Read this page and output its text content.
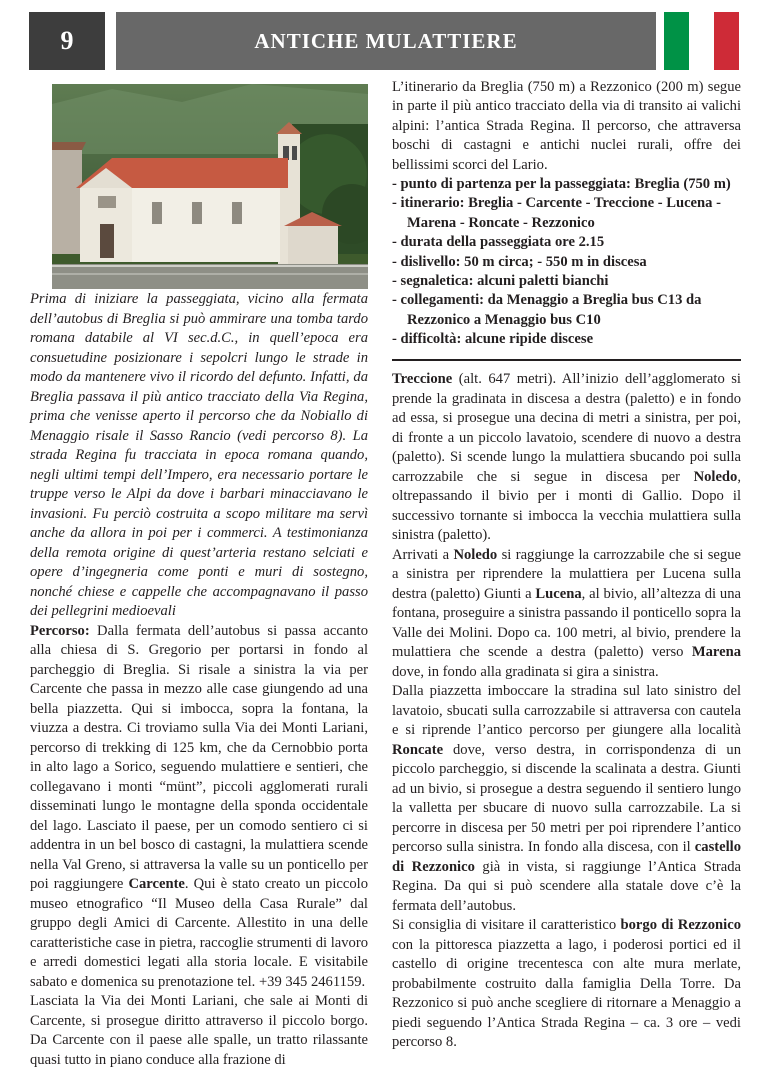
9	ANTICHE MULATTIERE

Prima di iniziare la passeggiata, vicino alla fermata dell’autobus di Breglia si può ammirare una tomba tardo romana databile al VI sec.d.C., in quell’epoca era consuetudine posizionare i sepolcri lungo le strade in modo da mantenere vivo il ricordo del defunto. Infatti, da Breglia passava il più antico tracciato della Via Regina, prima che venisse aperto il percorso che da Nobiallo di Menaggio risale il Sasso Rancio (vedi percorso 8). La strada Regina fu tracciata in epoca romana quando, negli ultimi tempi dell’Impero, era necessario portare le truppe verso le Alpi da dove i barbari minacciavano le invasioni. Fu perciò costruita a scopo militare ma servì anche da allora in poi per i commerci. A testimonianza della remota origine di quest’arteria restano selciati e opere d’ingegneria come ponti e muri di sostegno, nonché chiese e cappelle che accompagnavano il passo dei pellegrini medioevali

Percorso: Dalla fermata dell’autobus si passa accanto alla chiesa di S. Gregorio per portarsi in fondo al parcheggio di Breglia. Si risale a sinistra la via per Carcente che passa in mezzo alle case giungendo ad una bella piazzetta. Qui si imbocca, sopra la fontana, la viuzza a destra. Ci troviamo sulla Via dei Monti Lariani, percorso di trekking di 125 km, che da Cernobbio porta in alto lago a Sorico, seguendo mulattiere e sentieri, che collegavano i monti “münt”, piccoli agglomerati rurali disseminati lungo le montagne della sponda occidentale del lago. Lasciato il paese, per un comodo sentiero ci si addentra in un bel bosco di castagni, la mulattiera scende nella Val Greno, si attraversa la valle su un ponticello per poi raggiungere Carcente. Qui è stato creato un piccolo museo etnografico “Il Museo della Casa Rurale” dal gruppo degli Amici di Carcente. Allestito in una delle caratteristiche case in pietra, raccoglie strumenti di lavoro e arredi domestici legati alla storia locale. E visitabile sabato e domenica su prenotazione tel. +39 345 2461159.

Lasciata la Via dei Monti Lariani, che sale ai Monti di Carcente, si prosegue diritto attraverso il piccolo borgo. Da Carcente con il paese alle spalle, un tratto rilassante quasi tutto in piano conduce alla frazione di

L’itinerario da Breglia (750 m) a Rezzonico (200 m) segue in parte il più antico tracciato della via di transito ai valichi alpini: l’antica Strada Regina. Il percorso, che attraversa boschi di castagni e antichi nuclei rurali, offre dei bellissimi scorci del Lario.

- punto di partenza per la passeggiata: Breglia (750 m)
- itinerario: Breglia - Carcente - Treccione - Lucena - Marena - Roncate - Rezzonico
- durata della passeggiata ore 2.15
- dislivello: 50 m circa; - 550 m in discesa
- segnaletica: alcuni paletti bianchi
- collegamenti: da Menaggio a Breglia bus C13 da Rezzonico a Menaggio bus C10
- difficoltà: alcune ripide discese

Treccione (alt. 647 metri). All’inizio dell’agglomerato si prende la gradinata in discesa a destra (paletto) e in fondo ad essa, si prosegue una decina di metri a sinistra, per poi, di fronte a un piccolo lavatoio, scendere di nuovo a destra (paletto). Si scende lungo la mulattiera sbucando poi sulla carrozzabile che si segue in discesa per Noledo, oltrepassando il bivio per i monti di Gallio. Dopo il successivo tornante si imbocca la vecchia mulattiera sulla sinistra (paletto).

Arrivati a Noledo si raggiunge la carrozzabile che si segue a sinistra per riprendere la mulattiera per Lucena sulla destra (paletto) Giunti a Lucena, al bivio, all’altezza di una fontana, proseguire a sinistra passando il ponticello sopra la Valle dei Molini. Dopo ca. 100 metri, al bivio, prendere la mulattiera che scende a destra (paletto) verso Marena dove, in fondo alla gradinata si gira a sinistra.

Dalla piazzetta imboccare la stradina sul lato sinistro del lavatoio, sbucati sulla carrozzabile si attraversa con cautela e si riprende l’antico percorso per giungere alla località Roncate dove, verso destra, in corrispondenza di un piccolo parcheggio, si discende la scalinata a destra. Giunti ad un bivio, si prosegue a destra seguendo il sentiero lungo la valletta per sbucare di nuovo sulla carrozzabile. La si percorre in discesa per 50 metri per poi riprendere l’antico percorso sulla sinistra. In fondo alla discesa, con il castello di Rezzonico già in vista, si raggiunge l’Antica Strada Regina. Da qui si può scendere alla statale dove c’è la fermata dell’autobus.

Si consiglia di visitare il caratteristico borgo di Rezzonico con la pittoresca piazzetta a lago, i poderosi portici ed il castello di origine trecentesca con alte mura merlate, probabilmente costruito dalla famiglia Della Torre. Da Rezzonico si può anche scegliere di ritornare a Menaggio a piedi seguendo l’Antica Strada Regina – ca. 3 ore – vedi percorso 8.
